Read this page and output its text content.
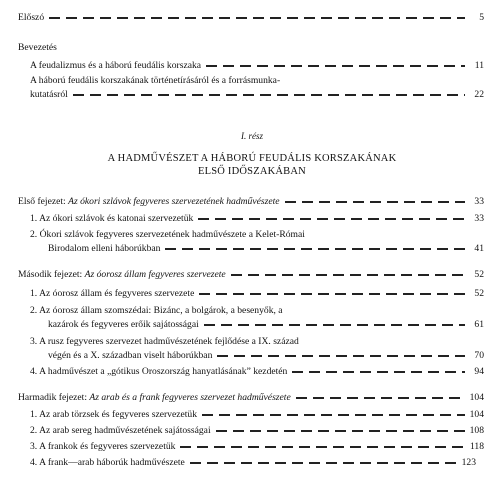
Előszó	5
Bevezetés
A feudalizmus és a háború feudális korszaka	11
A háború feudális korszakának történetírásáról és a forrásmunka-
kutatásról	22
I. rész
A HADMŰVÉSZET A HÁBORÚ FEUDÁLIS KORSZAKÁNAK
ELSŐ IDŐSZAKÁBAN
Első fejezet: Az ókori szlávok fegyveres szervezetének hadművészete	33
1. Az ókori szlávok és katonai szervezetük	33
2. Ókori szlávok fegyveres szervezetének hadművészete a Kelet-Római
Birodalom elleni háborúkban	41
Második fejezet: Az óorosz állam fegyveres szervezete	52
1. Az óorosz állam és fegyveres szervezete	52
2. Az óorosz állam szomszédai: Bizánc, a bolgárok, a besenyők, a
kazárok és fegyveres erőik sajátosságai	61
3. A rusz fegyveres szervezet hadművészetének fejlődése a IX. század
végén és a X. században viselt háborúkban	70
4. A hadművészet a „gótikus Oroszország hanyatlásának” kezdetén	94
Harmadik fejezet: Az arab és a frank fegyveres szervezet hadművészete	104
1. Az arab törzsek és fegyveres szervezetük	104
2. Az arab sereg hadművészetének sajátosságai	108
3. A frankok és fegyveres szervezetük	118
4. A frank—arab háborúk hadművészete	123
